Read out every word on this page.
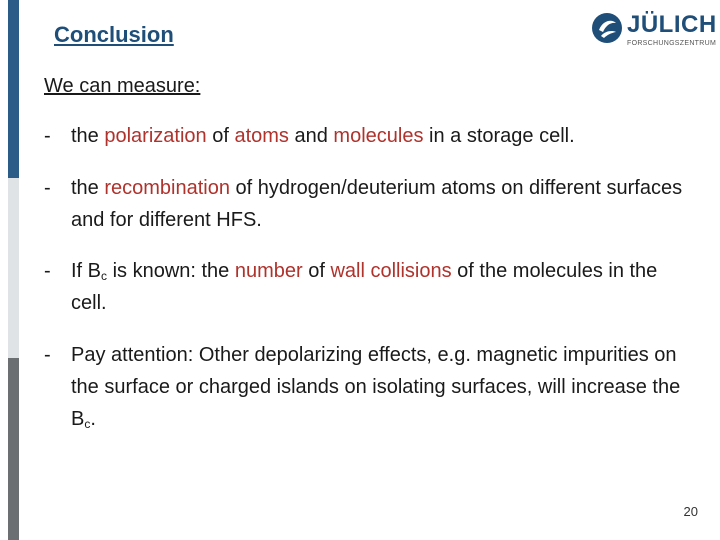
Conclusion	JÜLICH
FORSCHUNGSZENTRUM
We can measure:
- the polarization of atoms and molecules in a storage cell.
- the recombination of hydrogen/deuterium atoms on different surfaces and for different HFS.
- If $B_c$ is known: the number of wall collisions of the molecules in the cell.
- Pay attention: Other depolarizing effects, e.g. magnetic impurities on the surface or charged islands on isolating surfaces, will increase the $B_c$.
20
